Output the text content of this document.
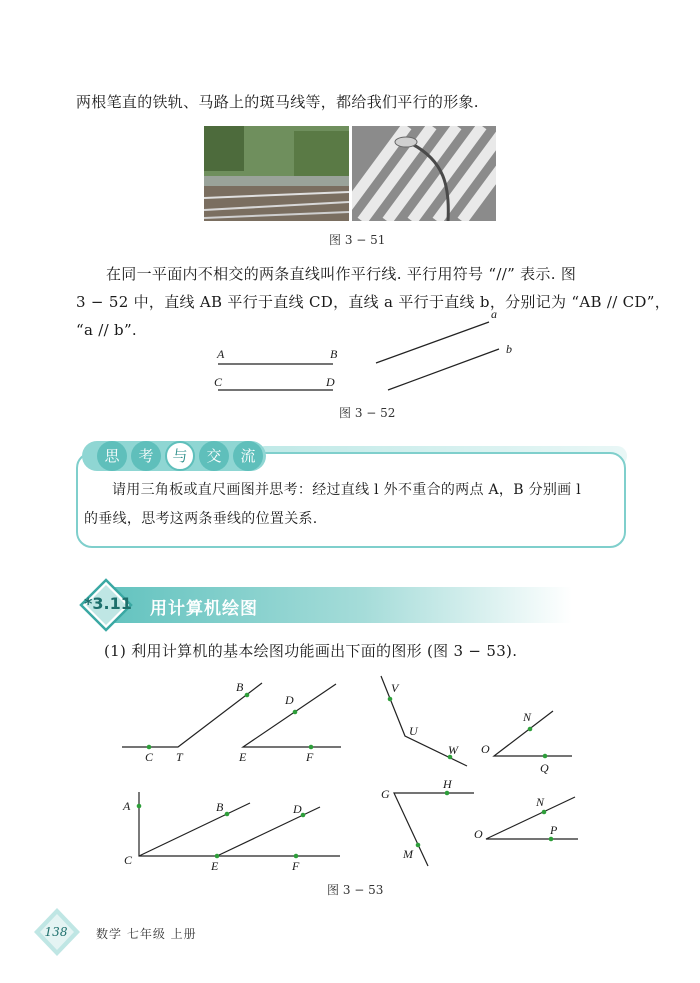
两根笔直的铁轨、马路上的斑马线等，都给我们平行的形象.
图 3 − 51
在同一平面内不相交的两条直线叫作平行线. 平行用符号 “//” 表示. 图
3 − 52 中，直线 AB 平行于直线 CD，直线 a 平行于直线 b，分别记为 “AB // CD”，
“a // b”.
A	B
C	D
a
b
图 3 − 52
思	考	与	交	流
请用三角板或直尺画图并思考：经过直线 l 外不重合的两点 A，B 分别画 l
的垂线，思考这两条垂线的位置关系.
*3.11 用计算机绘图
(1) 利用计算机的基本绘图功能画出下面的图形 (图 3 − 53).
B
C T
D
E	F
V
U
W
N
O
Q
A
C
B	D
E	F
G
H
M
N
O	P
图 3 − 53
138	数学 七年级 上册
